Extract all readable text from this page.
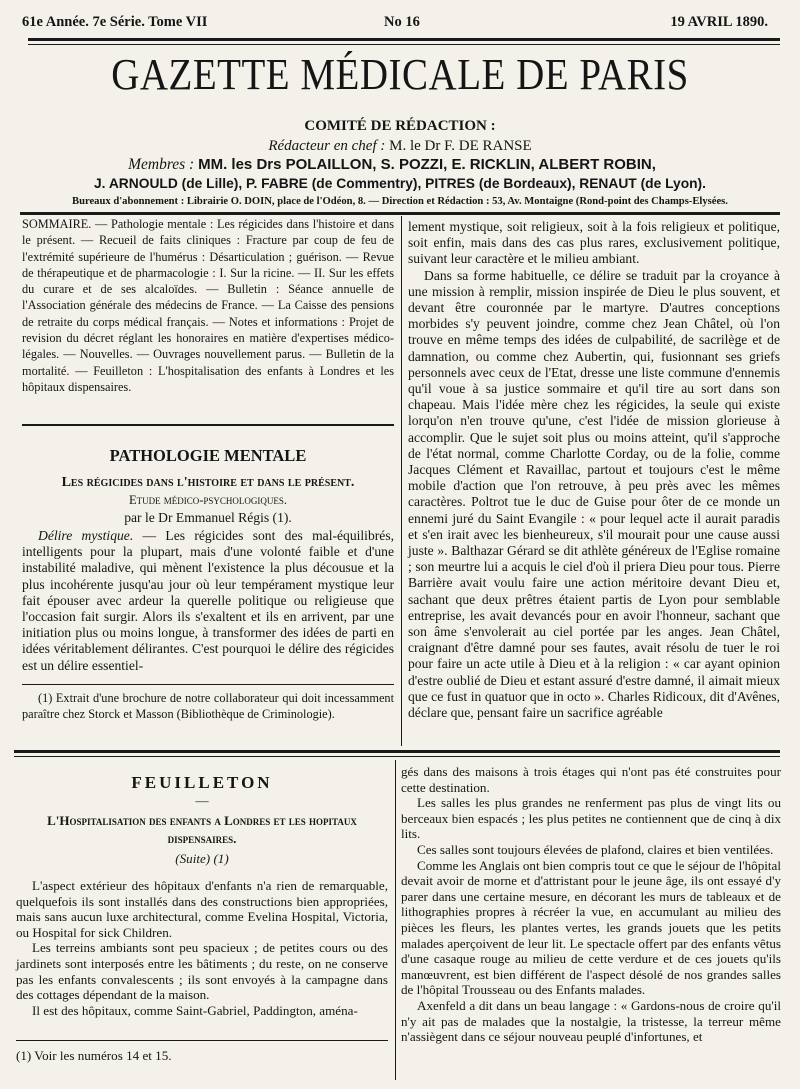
61e Année. 7e Série. Tome VII	No 16	19 AVRIL 1890.
GAZETTE MÉDICALE DE PARIS
COMITÉ DE RÉDACTION :
Rédacteur en chef : M. le Dr F. DE RANSE
Membres : MM. les Drs POLAILLON, S. POZZI, E. RICKLIN, ALBERT ROBIN,
J. ARNOULD (de Lille), P. FABRE (de Commentry), PITRES (de Bordeaux), RENAUT (de Lyon).
Bureaux d'abonnement : Librairie O. DOIN, place de l'Odéon, 8. — Direction et Rédaction : 53, Av. Montaigne (Rond-point des Champs-Elysées.

SOMMAIRE. — Pathologie mentale : Les régicides dans l'histoire et dans le présent. — Recueil de faits cliniques : Fracture par coup de feu de l'extrémité supérieure de l'humérus : Désarticulation ; guérison. — Revue de thérapeutique et de pharmacologie : I. Sur la ricine. — II. Sur les effets du curare et de ses alcaloïdes. — Bulletin : Séance annuelle de l'Association générale des médecins de France. — La Caisse des pensions de retraite du corps médical français. — Notes et informations : Projet de revision du décret réglant les honoraires en matière d'expertises médico-légales. — Nouvelles. — Ouvrages nouvellement parus. — Bulletin de la mortalité. — Feuilleton : L'hospitalisation des enfants à Londres et les hôpitaux dispensaires.

PATHOLOGIE MENTALE

Les régicides dans l'histoire et dans le présent.

Etude médico-psychologiques.

par le Dr Emmanuel Régis (1).

Délire mystique. — Les régicides sont des mal-équilibrés, intelligents pour la plupart, mais d'une volonté faible et d'une instabilité maladive, qui mènent l'existence la plus décousue et la plus incohérente jusqu'au jour où leur tempérament mystique leur fait épouser avec ardeur la querelle politique ou religieuse que l'occasion fait surgir. Alors ils s'exaltent et ils en arrivent, par une initiation plus ou moins longue, à transformer des idées de parti en idées véritablement délirantes. C'est pourquoi le délire des régicides est un délire essentiel-

(1) Extrait d'une brochure de notre collaborateur qui doit incessamment paraître chez Storck et Masson (Bibliothèque de Criminologie).

lement mystique, soit religieux, soit à la fois religieux et politique, soit enfin, mais dans des cas plus rares, exclusivement politique, suivant leur caractère et le milieu ambiant.

Dans sa forme habituelle, ce délire se traduit par la croyance à une mission à remplir, mission inspirée de Dieu le plus souvent, et devant être couronnée par le martyre. D'autres conceptions morbides s'y peuvent joindre, comme chez Jean Châtel, où l'on trouve en même temps des idées de culpabilité, de sacrilège et de damnation, ou comme chez Aubertin, qui, fusionnant ses griefs personnels avec ceux de l'Etat, dresse une liste commune d'ennemis qu'il voue à sa justice sommaire et qu'il tire au sort dans son chapeau. Mais l'idée mère chez les régicides, la seule qui existe lorqu'on n'en trouve qu'une, c'est l'idée de mission glorieuse à accomplir. Que le sujet soit plus ou moins atteint, qu'il s'approche de l'état normal, comme Charlotte Corday, ou de la folie, comme Jacques Clément et Ravaillac, partout et toujours c'est le même mobile d'action que l'on retrouve, à peu près avec les mêmes caractères. Poltrot tue le duc de Guise pour ôter de ce monde un ennemi juré du Saint Evangile : « pour lequel acte il aurait paradis et s'en irait avec les bienheureux, s'il mourait pour une cause aussi juste ». Balthazar Gérard se dit athlète généreux de l'Eglise romaine ; son meurtre lui a acquis le ciel d'où il priera Dieu pour tous. Pierre Barrière avait voulu faire une action méritoire devant Dieu et, sachant que deux prêtres étaient partis de Lyon pour semblable entreprise, les avait devancés pour en avoir l'honneur, sachant que son âme s'envolerait au ciel portée par les anges. Jean Châtel, craignant d'être damné pour ses fautes, avait résolu de tuer le roi pour faire un acte utile à Dieu et à la religion : « car ayant opinion d'estre oublié de Dieu et estant assuré d'estre damné, il aimait mieux que ce fust in quatuor que in octo ». Charles Ridicoux, dit d'Avênes, déclare que, pensant faire un sacrifice agréable

FEUILLETON

—

L'Hospitalisation des enfants a Londres et les hopitaux dispensaires.

(Suite) (1)

L'aspect extérieur des hôpitaux d'enfants n'a rien de remarquable, quelquefois ils sont installés dans des constructions bien appropriées, mais sans aucun luxe architectural, comme Evelina Hospital, Victoria, ou Hospital for sick Children.

Les terreins ambiants sont peu spacieux ; de petites cours ou des jardinets sont interposés entre les bâtiments ; du reste, on ne conserve pas les enfants convalescents ; ils sont envoyés à la campagne dans des cottages dépendant de la maison.

Il est des hôpitaux, comme Saint-Gabriel, Paddington, aména-

(1) Voir les numéros 14 et 15.

gés dans des maisons à trois étages qui n'ont pas été construites pour cette destination.

Les salles les plus grandes ne renferment pas plus de vingt lits ou berceaux bien espacés ; les plus petites ne contiennent que de cinq à dix lits.

Ces salles sont toujours élevées de plafond, claires et bien ventilées.

Comme les Anglais ont bien compris tout ce que le séjour de l'hôpital devait avoir de morne et d'attristant pour le jeune âge, ils ont essayé d'y parer dans une certaine mesure, en décorant les murs de tableaux et de lithographies propres à récréer la vue, en accumulant au milieu des pièces les fleurs, les plantes vertes, les grands jouets que les petits malades aperçoivent de leur lit. Le spectacle offert par des enfants vêtus d'une casaque rouge au milieu de cette verdure et de ces jouets qu'ils manœuvrent, est bien différent de l'aspect désolé de nos grandes salles de l'hôpital Trousseau ou des Enfants malades.

Axenfeld a dit dans un beau langage : « Gardons-nous de croire qu'il n'y ait pas de malades que la nostalgie, la tristesse, la terreur même n'assiègent dans ce séjour nouveau peuplé d'infortunes, et
